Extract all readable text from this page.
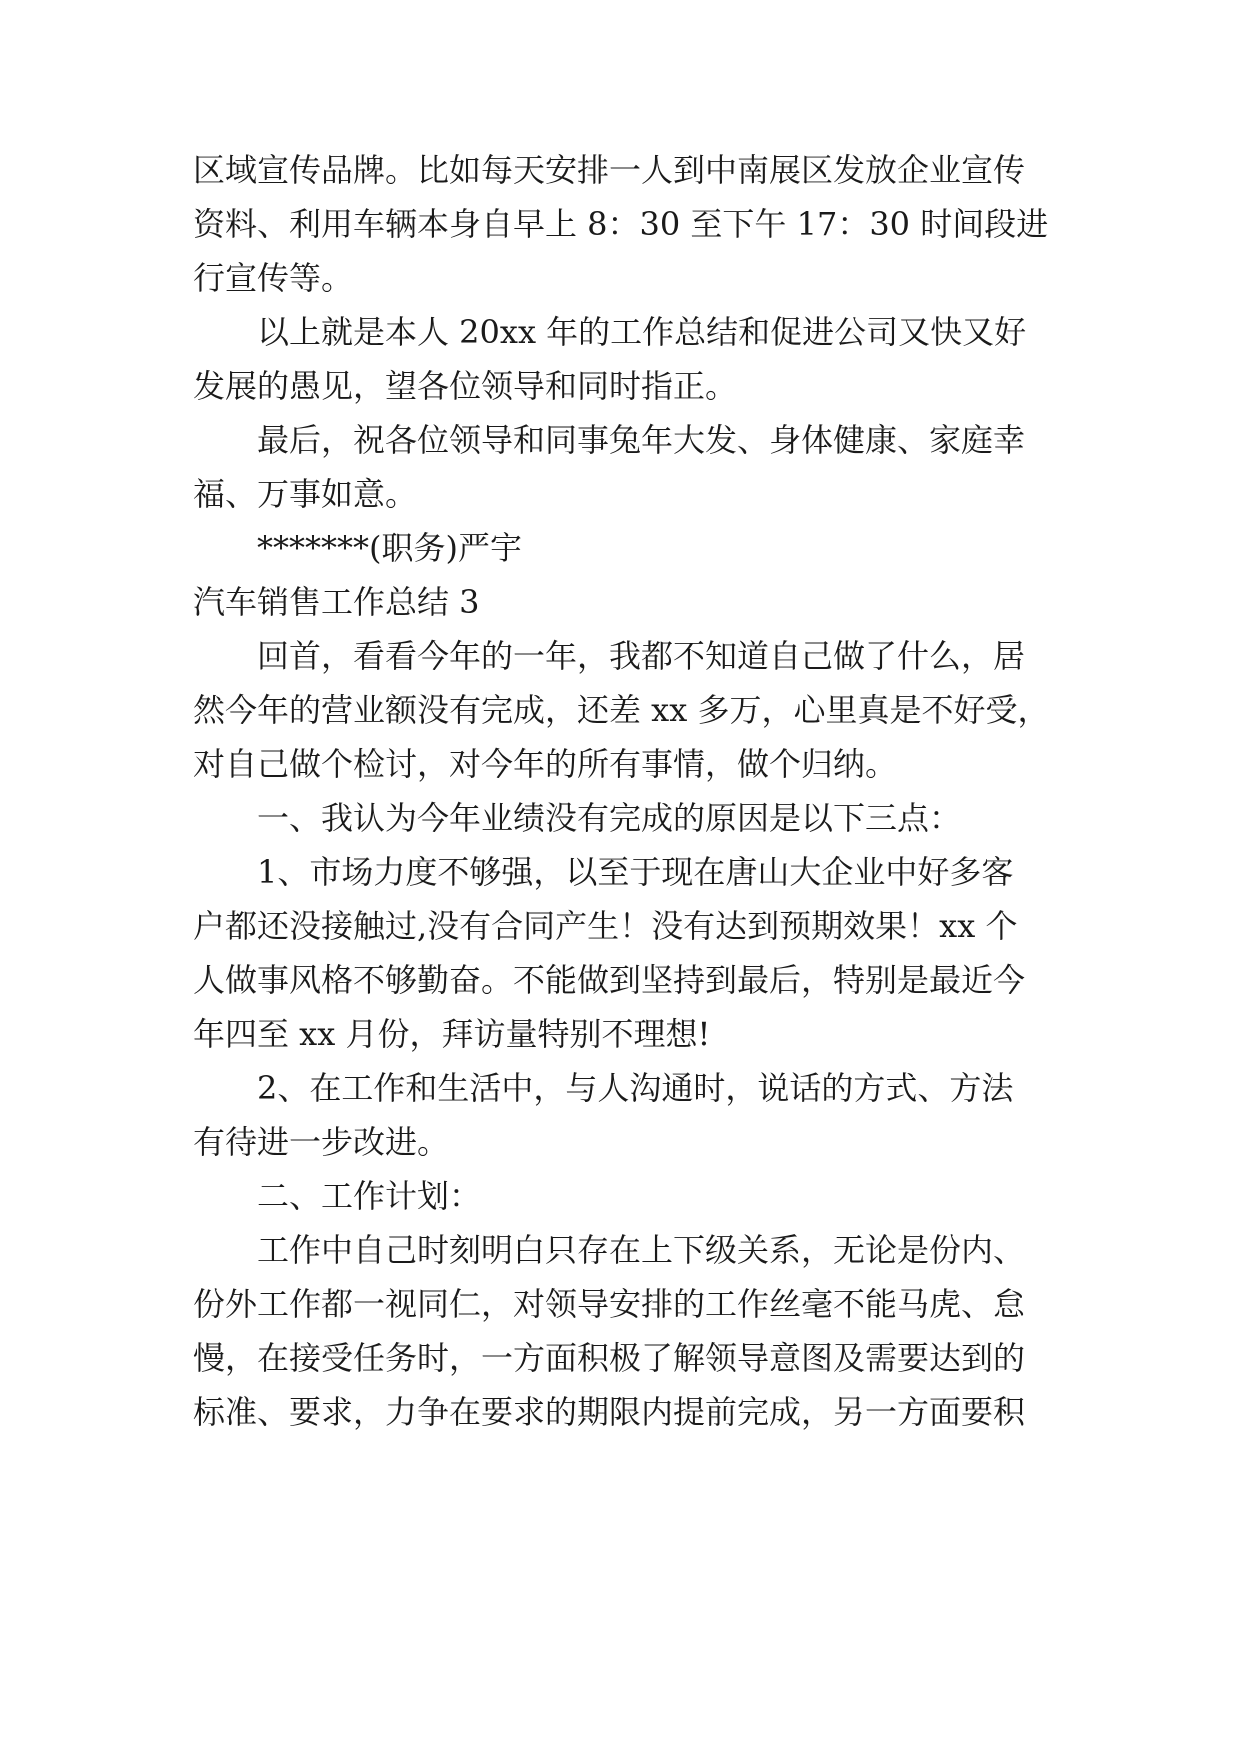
区域宣传品牌。比如每天安排一人到中南展区发放企业宣传
资料、利用车辆本身自早上 8：30 至下午 17：30 时间段进
行宣传等。
以上就是本人 20xx 年的工作总结和促进公司又快又好
发展的愚见，望各位领导和同时指正。
最后，祝各位领导和同事兔年大发、身体健康、家庭幸
福、万事如意。
*******(职务)严宇
汽车销售工作总结 3
回首，看看今年的一年，我都不知道自己做了什么，居
然今年的营业额没有完成，还差 xx 多万，心里真是不好受，
对自己做个检讨，对今年的所有事情，做个归纳。
一、我认为今年业绩没有完成的原因是以下三点：
1、市场力度不够强，以至于现在唐山大企业中好多客
户都还没接触过,没有合同产生！没有达到预期效果！xx 个
人做事风格不够勤奋。不能做到坚持到最后，特别是最近今
年四至 xx 月份，拜访量特别不理想!
2、在工作和生活中，与人沟通时，说话的方式、方法
有待进一步改进。
二、工作计划：
工作中自己时刻明白只存在上下级关系，无论是份内、
份外工作都一视同仁，对领导安排的工作丝毫不能马虎、怠
慢，在接受任务时，一方面积极了解领导意图及需要达到的
标准、要求，力争在要求的期限内提前完成，另一方面要积
